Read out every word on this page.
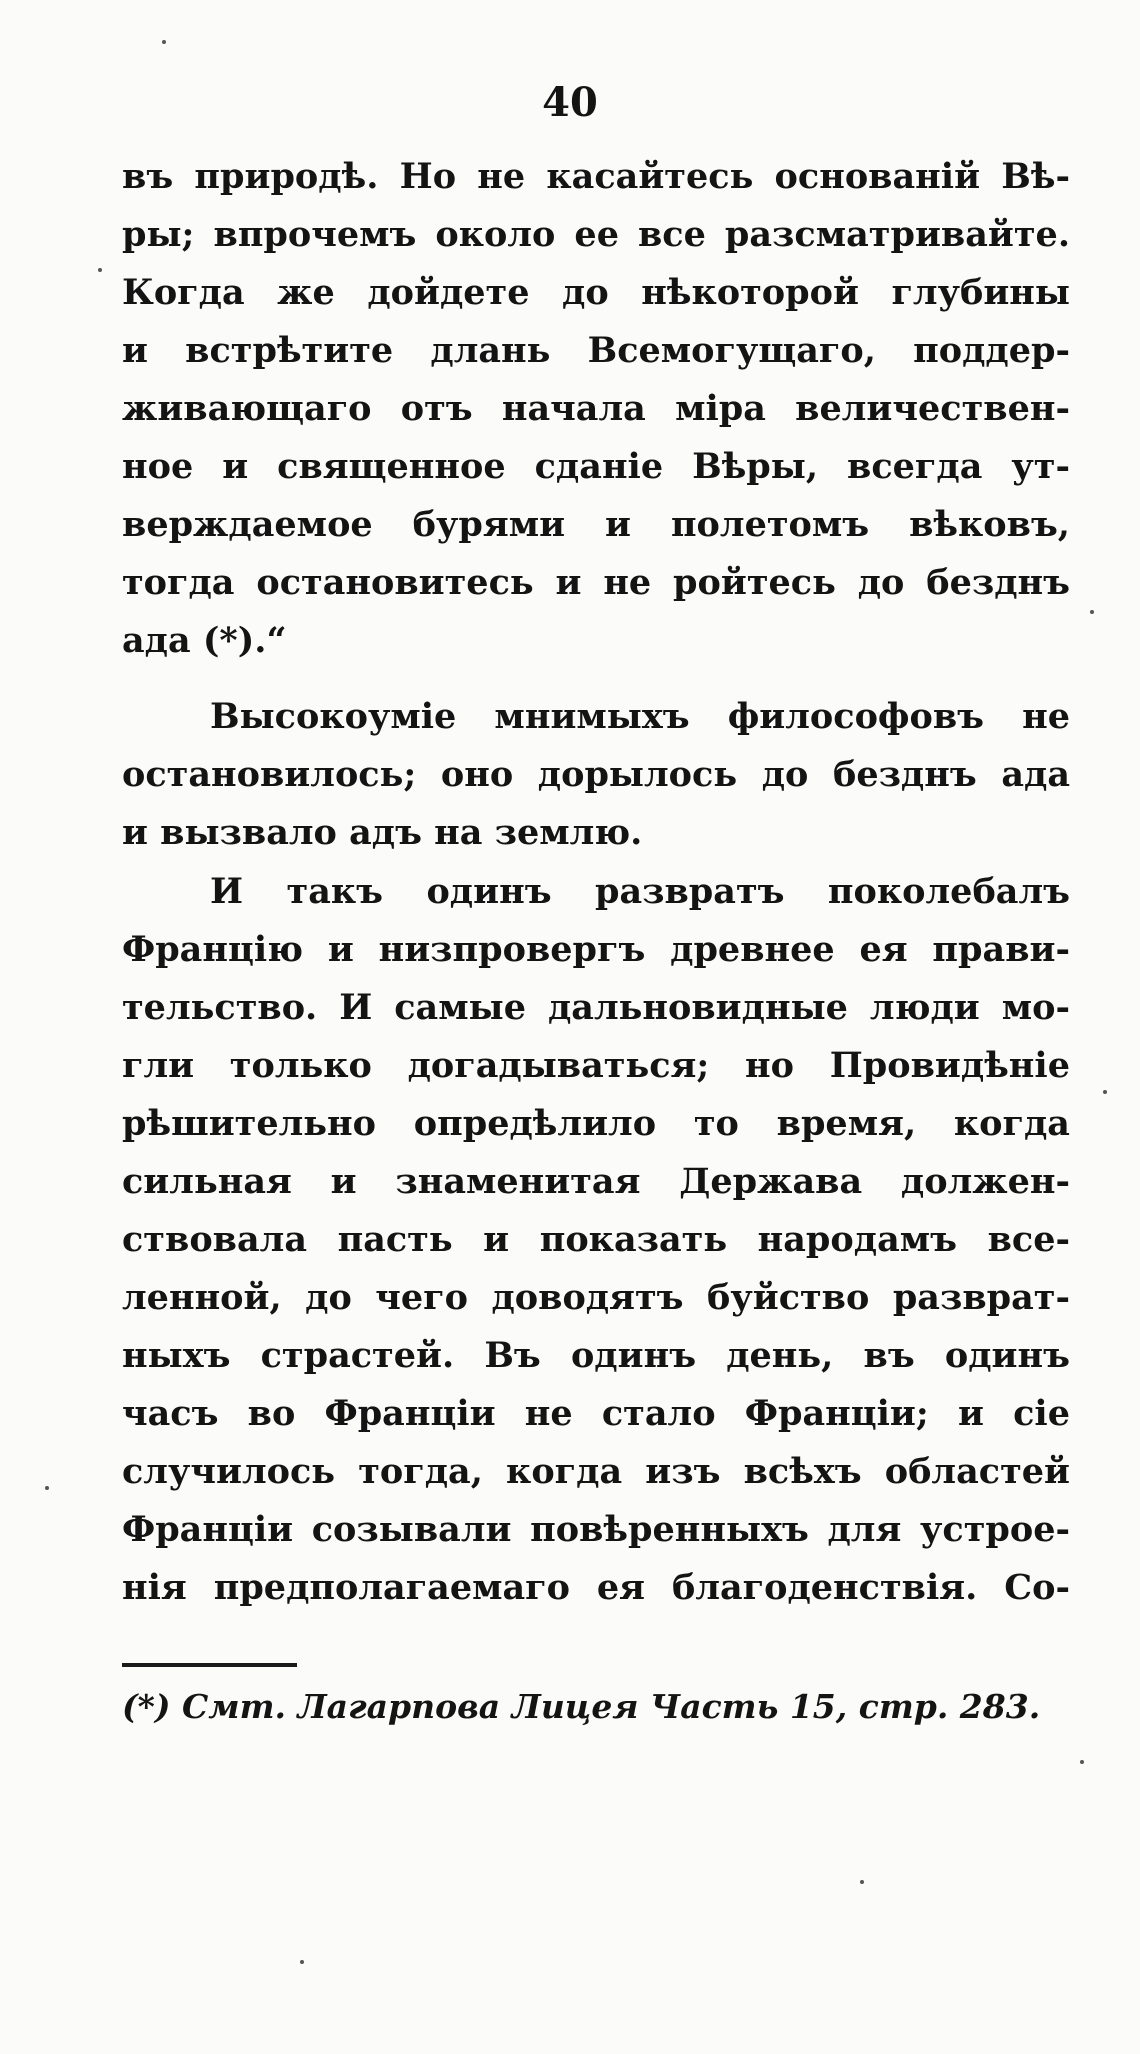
40
въ природѣ. Но не касайтесь основаній Вѣ-
ры; впрочемъ около ее все разсматривайте.
Когда же дойдете до нѣкоторой глубины
и встрѣтите длань Всемогущаго, поддер-
живающаго отъ начала міра величествен-
ное и священное сданіе Вѣры, всегда ут-
верждаемое бурями и полетомъ вѣковъ,
тогда остановитесь и не ройтесь до безднъ
ада (*).“
Высокоуміе мнимыхъ философовъ не
остановилось; оно дорылось до безднъ ада
и вызвало адъ на землю.
И такъ одинъ развратъ поколебалъ
Францію и низпровергъ древнее ея прави-
тельство. И самые дальновидные люди мо-
гли только догадываться; но Провидѣніе
рѣшительно опредѣлило то время, когда
сильная и знаменитая Держава должен-
ствовала пасть и показать народамъ все-
ленной, до чего доводятъ буйство разврат-
ныхъ страстей. Въ одинъ день, въ одинъ
часъ во Франціи не стало Франціи; и сіе
случилось тогда, когда изъ всѣхъ областей
Франціи созывали повѣренныхъ для устрое-
нія предполагаемаго ея благоденствія. Со-
(*) Смт. Лагарпова Лицея Часть 15, стр. 283.
